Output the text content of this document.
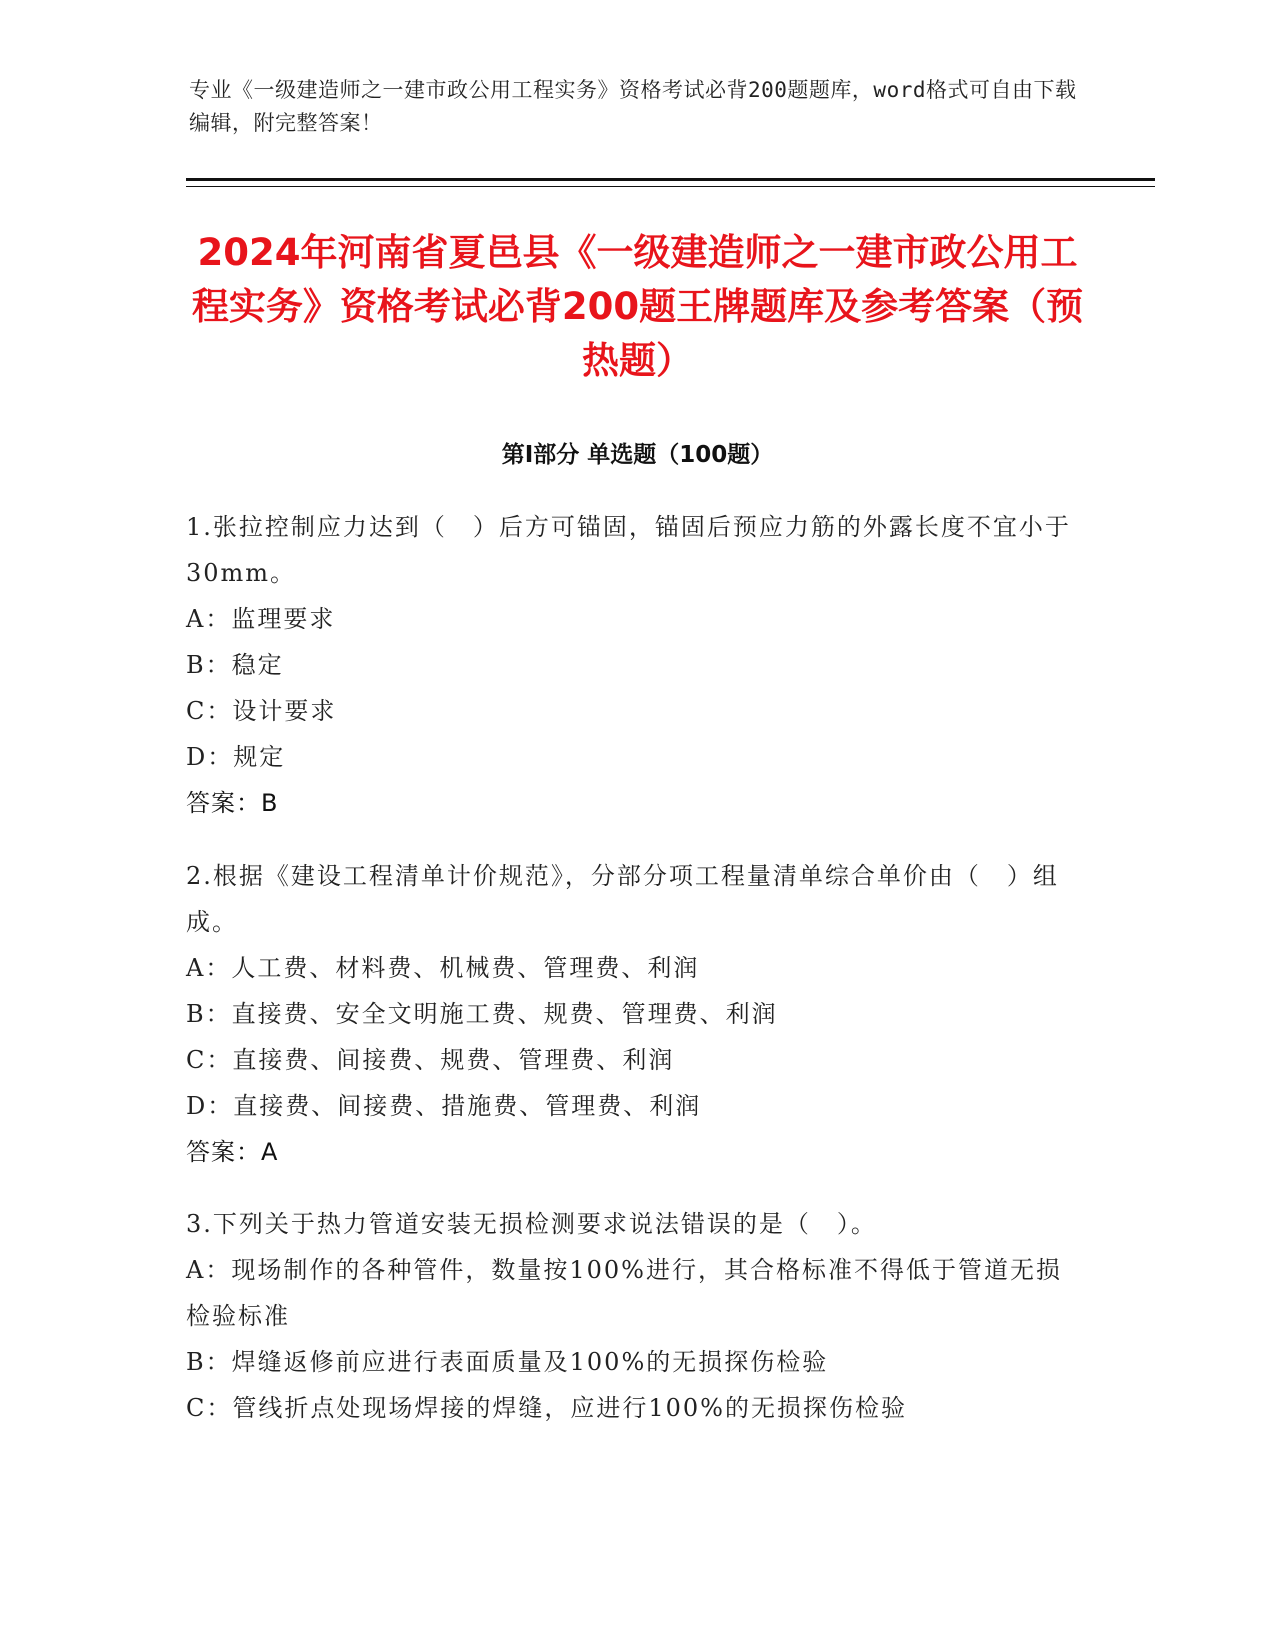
专业《一级建造师之一建市政公用工程实务》资格考试必背200题题库，word格式可自由下载编辑，附完整答案！
2024年河南省夏邑县《一级建造师之一建市政公用工程实务》资格考试必背200题王牌题库及参考答案（预热题）
第Ⅰ部分 单选题（100题）
1.张拉控制应力达到（　）后方可锚固，锚固后预应力筋的外露长度不宜小于30mm。
A：监理要求
B：稳定
C：设计要求
D：规定
答案：B
2.根据《建设工程清单计价规范》，分部分项工程量清单综合单价由（　）组成。
A：人工费、材料费、机械费、管理费、利润
B：直接费、安全文明施工费、规费、管理费、利润
C：直接费、间接费、规费、管理费、利润
D：直接费、间接费、措施费、管理费、利润
答案：A
3.下列关于热力管道安装无损检测要求说法错误的是（　）。
A：现场制作的各种管件，数量按100%进行，其合格标准不得低于管道无损检验标准
B：焊缝返修前应进行表面质量及100%的无损探伤检验
C：管线折点处现场焊接的焊缝，应进行100%的无损探伤检验
